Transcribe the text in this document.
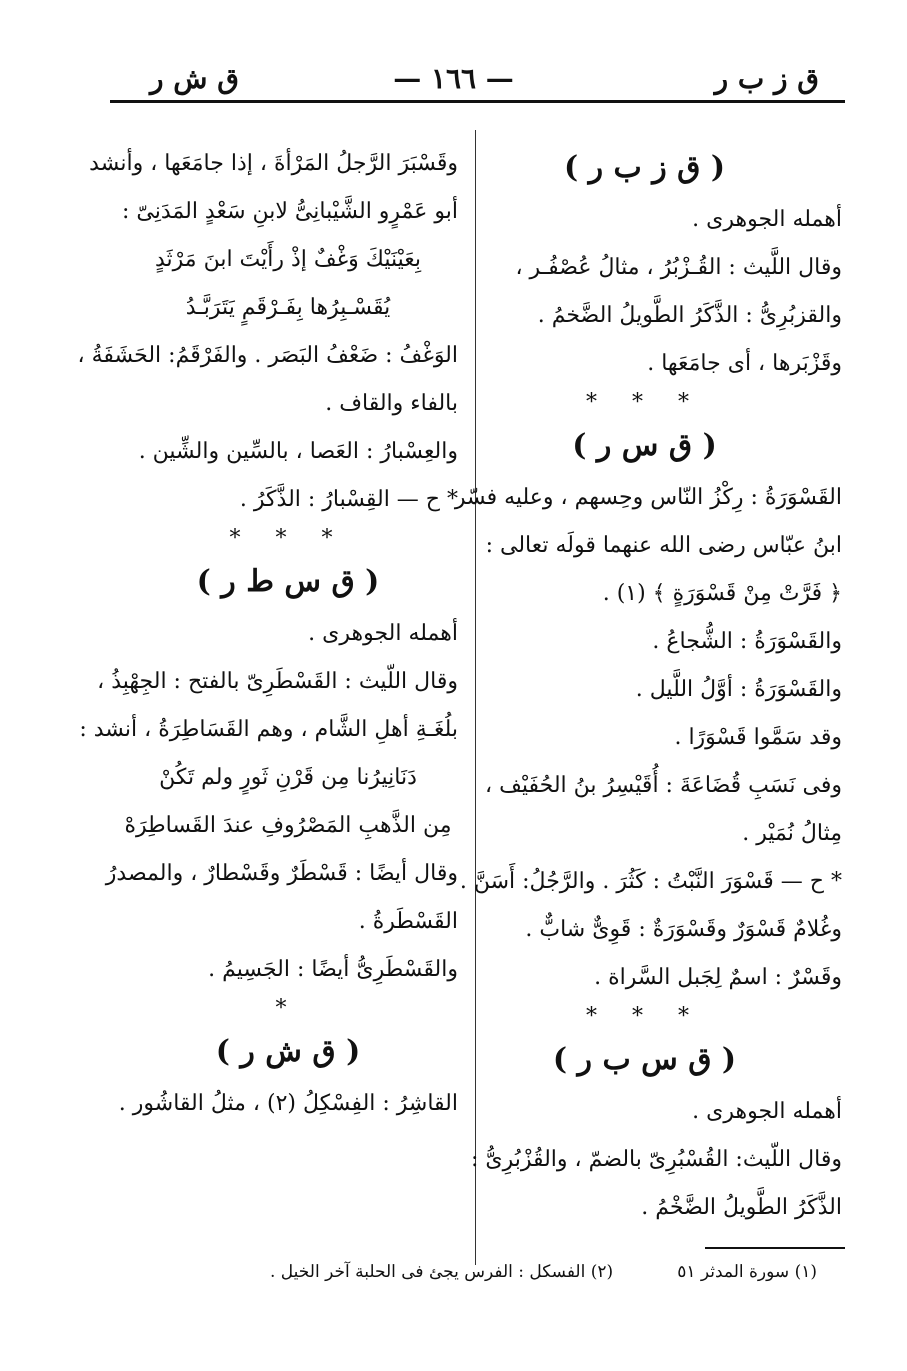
ق ز ب ر
— ١٦٦ —
ق ش ر
( ق ز ب ر )
أهمله الجوهرى .
وقال اللَّيث : القُـزْبُرُ ، مثالُ عُصْفُـر ،
والقزبُرِىُّ : الذَّكَرُ الطَّويلُ الضَّخمُ .
وقَزْبَرها ، أى جامَعَها .
* * *
( ق س ر )
القَسْوَرَةُ : رِكْزُ النّاس وحِسهم ، وعليه فسّر
ابنُ عبّاس رضى الله عنهما قولَه تعالى :
﴿ فَرَّتْ مِنْ قَسْوَرَةٍ ﴾ (١) .
والقَسْوَرَةُ : الشُّجاعُ .
والقَسْوَرَةُ : أوَّلُ اللَّيل .
وقد سَمَّوا قَسْوَرًا .
وفى نَسَبِ قُضَاعَةَ : أُقَيْسِرُ بنُ الحُفَيْف ،
مِثالُ نُمَيْر .
* ح — قَسْوَرَ النَّبْتُ : كَثُرَ . والرَّجُلُ: أَسَنَّ .
وغُلامٌ قَسْوَرٌ وقَسْوَرَةٌ : قَوِىٌّ شابٌّ .
وقَسْرٌ : اسمٌ لِجَبل السَّراة .
* * *
( ق س ب ر )
أهمله الجوهرى .
وقال اللّيث: القُسْبُرِىّ بالضمّ ، والقُزْبُرِىُّ :
الذَّكَرُ الطَّويلُ الضَّخْمُ .
وقَسْبَرَ الرَّجلُ المَرْأةَ ، إذا جامَعَها ، وأنشد
أبو عَمْرٍو الشَّيْبانِىُّ لابنِ سَعْدٍ المَدَنِىّ :
بِعَيْنَيْكَ وَغْفٌ إذْ رأَيْتَ ابنَ مَرْثَدٍ
يُقَسْـبِرُها بِفَـرْقَمٍ يَتَرَبَّـدُ
الوَغْفُ : ضَعْفُ البَصَر . والفَرْقَمُ: الحَشَفَةُ ،
بالفاء والقاف .
والعِسْبارُ : العَصا ، بالسِّين والشِّين .
* ح — القِسْبارُ : الذَّكَرُ .
* * *
( ق س ط ر )
أهمله الجوهرى .
وقال اللّيث : القَسْطَرِىّ بالفتح : الجِهْبِذُ ،
بلُغَـةِ أهلِ الشَّام ، وهم القَسَاطِرَةُ ، أنشد :
دَنَانِيرُنا مِن قَرْنِ ثَورٍ ولم تَكُنْ
مِن الذَّهبِ المَصْرُوفِ عندَ القَساطِرَهْ
وقال أيضًا : قَسْطَرٌ وقَسْطارٌ ، والمصدرُ
القَسْطَرةُ .
والقَسْطَرِىُّ أيضًا : الجَسِيمُ .
*
( ق ش ر )
القاشِرُ : الفِسْكِلُ (٢) ، مثلُ القاشُور .
(١) سورة المدثر ٥١
(٢) الفسكل : الفرس يجئ فى الحلبة آخر الخيل .
